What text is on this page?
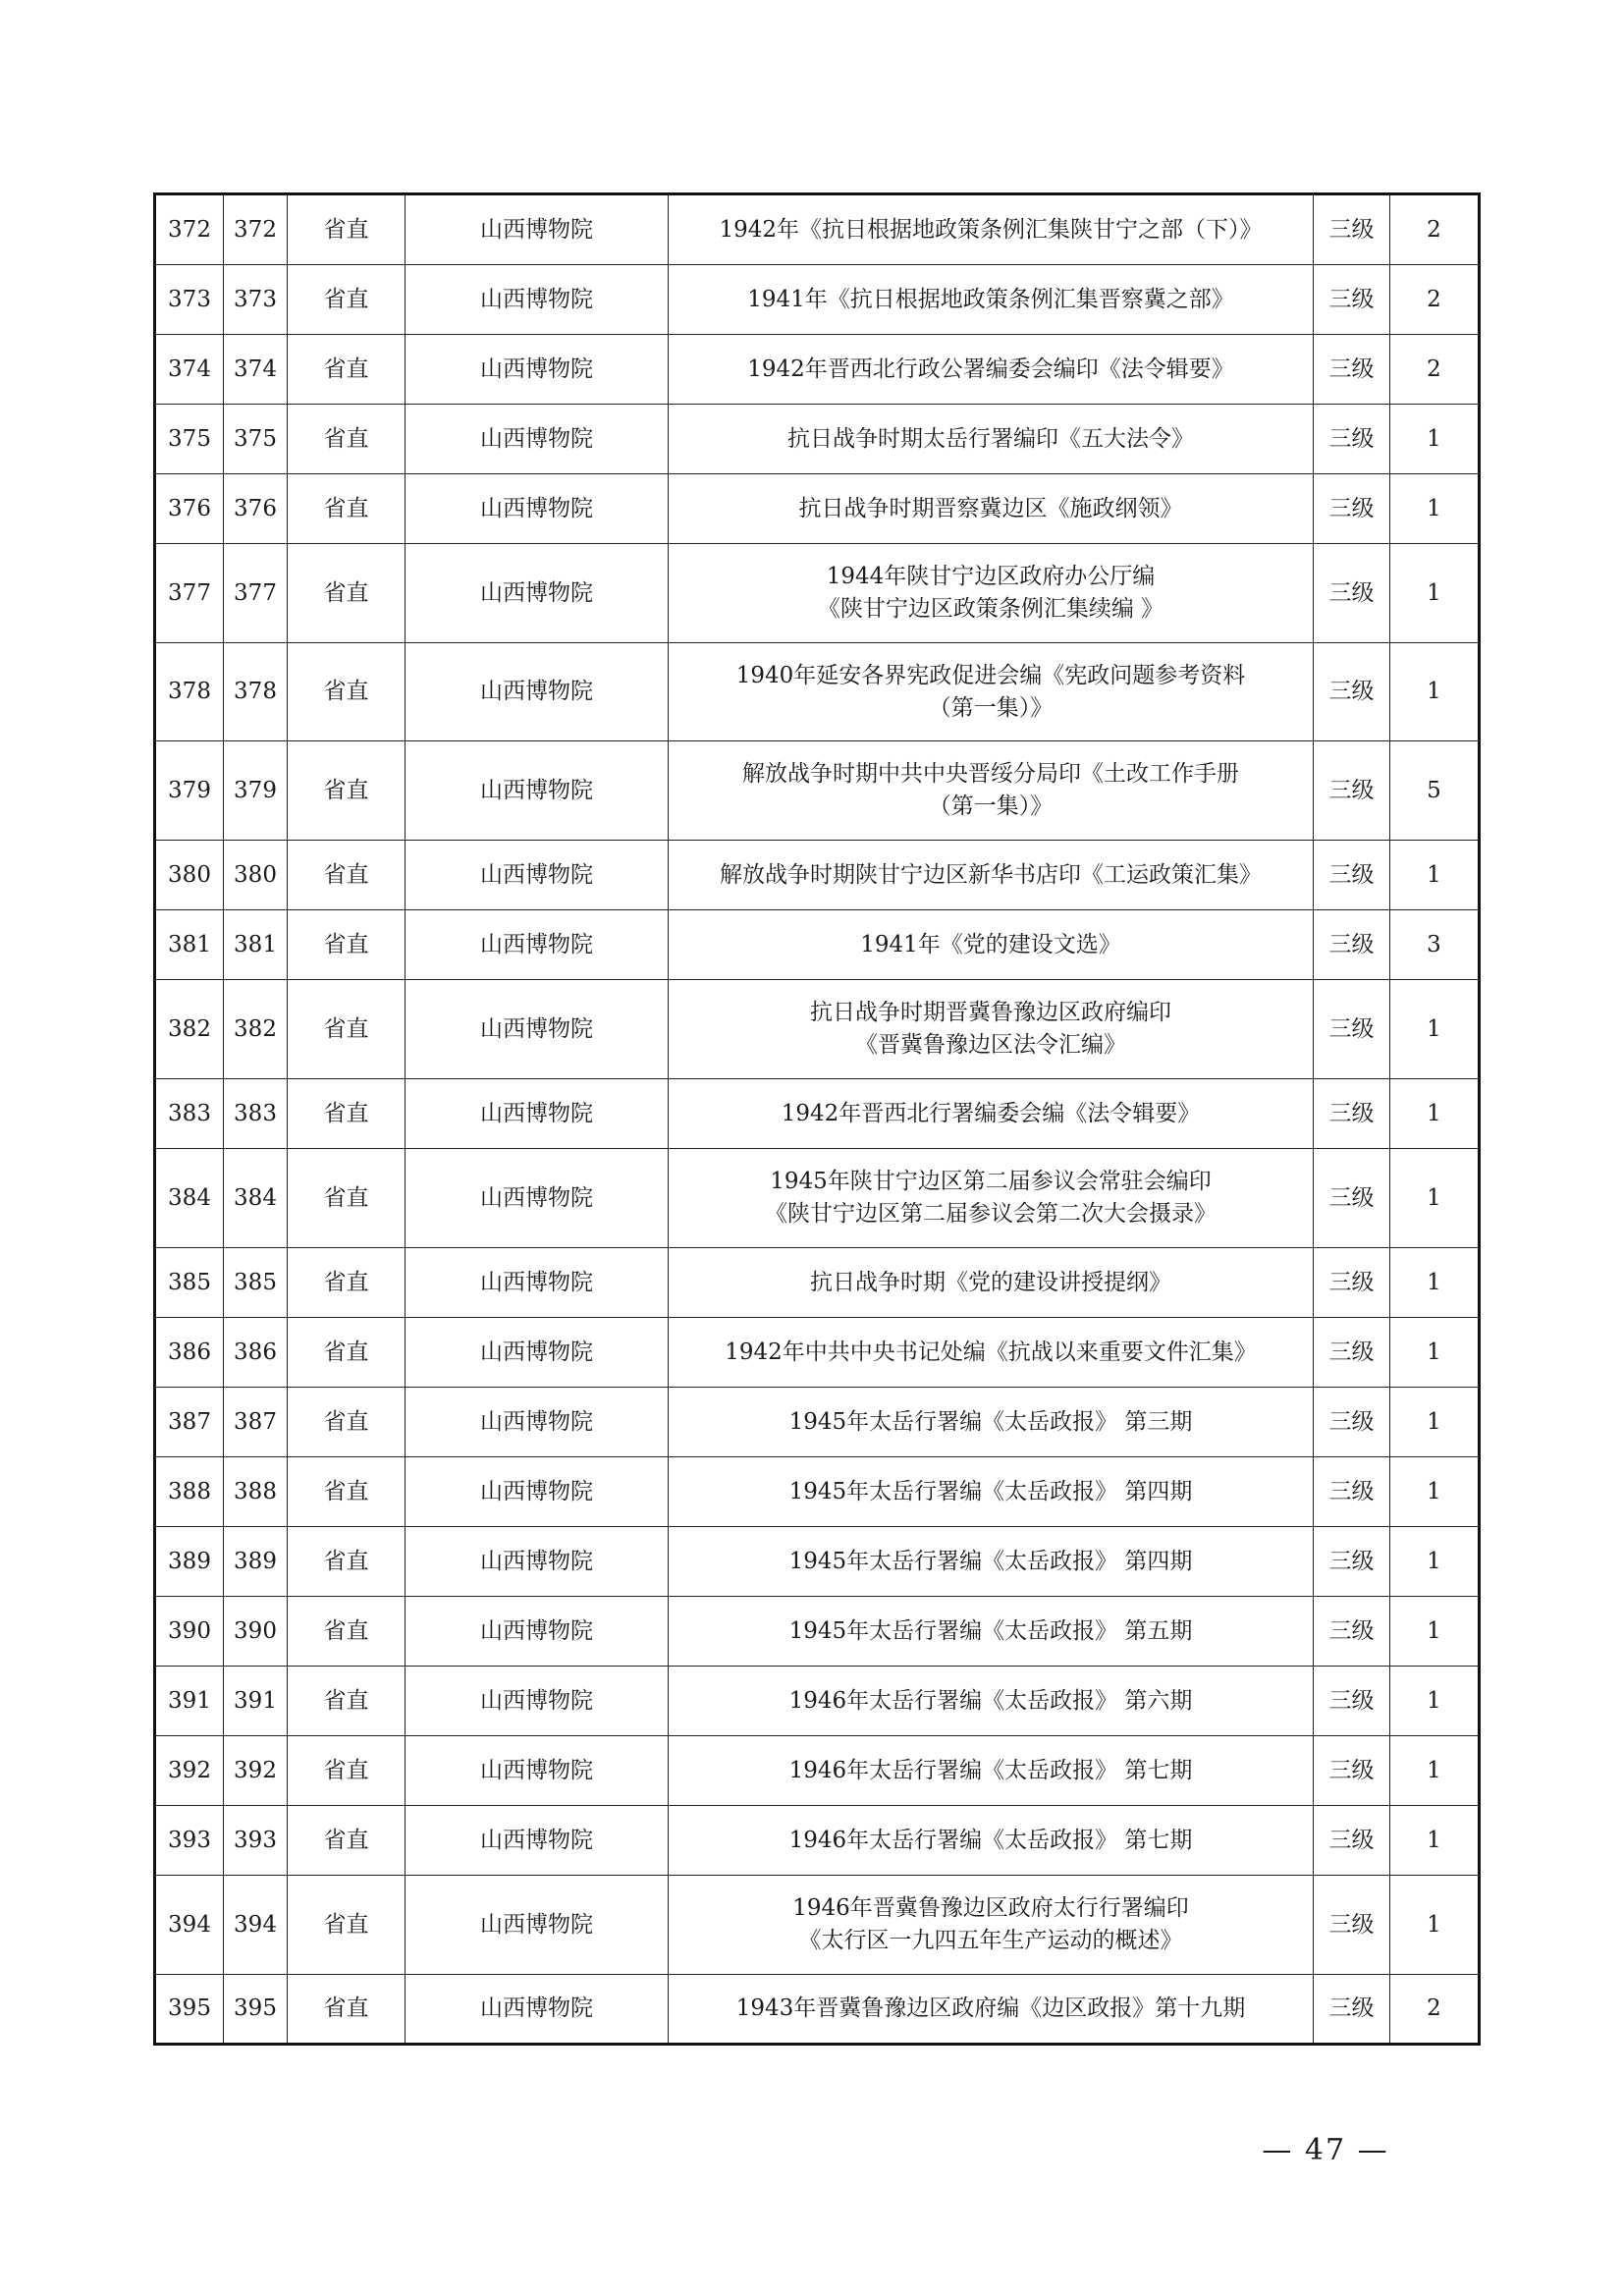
372	372	省直	山西博物院	1942年《抗日根据地政策条例汇集陕甘宁之部（下）》	三级	2
373	373	省直	山西博物院	1941年《抗日根据地政策条例汇集晋察冀之部》	三级	2
374	374	省直	山西博物院	1942年晋西北行政公署编委会编印《法令辑要》	三级	2
375	375	省直	山西博物院	抗日战争时期太岳行署编印《五大法令》	三级	1
376	376	省直	山西博物院	抗日战争时期晋察冀边区《施政纲领》	三级	1
377	377	省直	山西博物院	1944年陕甘宁边区政府办公厅编
《陕甘宁边区政策条例汇集续编 》	三级	1
378	378	省直	山西博物院	1940年延安各界宪政促进会编《宪政问题参考资料
（第一集）》	三级	1
379	379	省直	山西博物院	解放战争时期中共中央晋绥分局印《土改工作手册
（第一集）》	三级	5
380	380	省直	山西博物院	解放战争时期陕甘宁边区新华书店印《工运政策汇集》	三级	1
381	381	省直	山西博物院	1941年《党的建设文选》	三级	3
382	382	省直	山西博物院	抗日战争时期晋冀鲁豫边区政府编印
《晋冀鲁豫边区法令汇编》	三级	1
383	383	省直	山西博物院	1942年晋西北行署编委会编《法令辑要》	三级	1
384	384	省直	山西博物院	1945年陕甘宁边区第二届参议会常驻会编印
《陕甘宁边区第二届参议会第二次大会摄录》	三级	1
385	385	省直	山西博物院	抗日战争时期《党的建设讲授提纲》	三级	1
386	386	省直	山西博物院	1942年中共中央书记处编《抗战以来重要文件汇集》	三级	1
387	387	省直	山西博物院	1945年太岳行署编《太岳政报》 第三期	三级	1
388	388	省直	山西博物院	1945年太岳行署编《太岳政报》 第四期	三级	1
389	389	省直	山西博物院	1945年太岳行署编《太岳政报》 第四期	三级	1
390	390	省直	山西博物院	1945年太岳行署编《太岳政报》 第五期	三级	1
391	391	省直	山西博物院	1946年太岳行署编《太岳政报》 第六期	三级	1
392	392	省直	山西博物院	1946年太岳行署编《太岳政报》 第七期	三级	1
393	393	省直	山西博物院	1946年太岳行署编《太岳政报》 第七期	三级	1
394	394	省直	山西博物院	1946年晋冀鲁豫边区政府太行行署编印
《太行区一九四五年生产运动的概述》	三级	1
395	395	省直	山西博物院	1943年晋冀鲁豫边区政府编《边区政报》第十九期	三级	2
— 47 —
